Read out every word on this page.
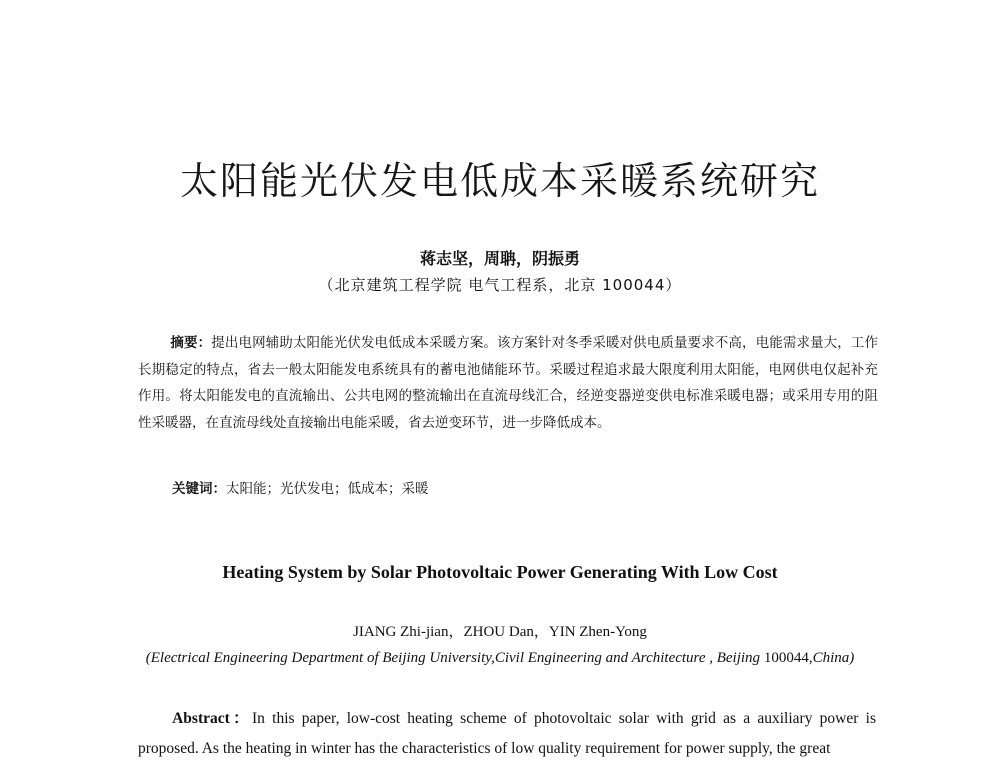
太阳能光伏发电低成本采暖系统研究
蒋志坚，周聃，阴振勇
（北京建筑工程学院 电气工程系，北京 100044）
摘要：提出电网辅助太阳能光伏发电低成本采暖方案。该方案针对冬季采暖对供电质量要求不高，电能需求量大，工作长期稳定的特点，省去一般太阳能发电系统具有的蓄电池储能环节。采暖过程追求最大限度利用太阳能，电网供电仅起补充作用。将太阳能发电的直流输出、公共电网的整流输出在直流母线汇合，经逆变器逆变供电标准采暖电器；或采用专用的阻性采暖器，在直流母线处直接输出电能采暖，省去逆变环节，进一步降低成本。
关键词：太阳能；光伏发电；低成本；采暖
Heating System by Solar Photovoltaic Power Generating With Low Cost
JIANG Zhi-jian，ZHOU Dan，YIN Zhen-Yong
(Electrical Engineering Department of Beijing University,Civil Engineering and Architecture , Beijing 100044,China)
Abstract：In this paper, low-cost heating scheme of photovoltaic solar with grid as a auxiliary power is proposed. As the heating in winter has the characteristics of low quality requirement for power supply, the great
